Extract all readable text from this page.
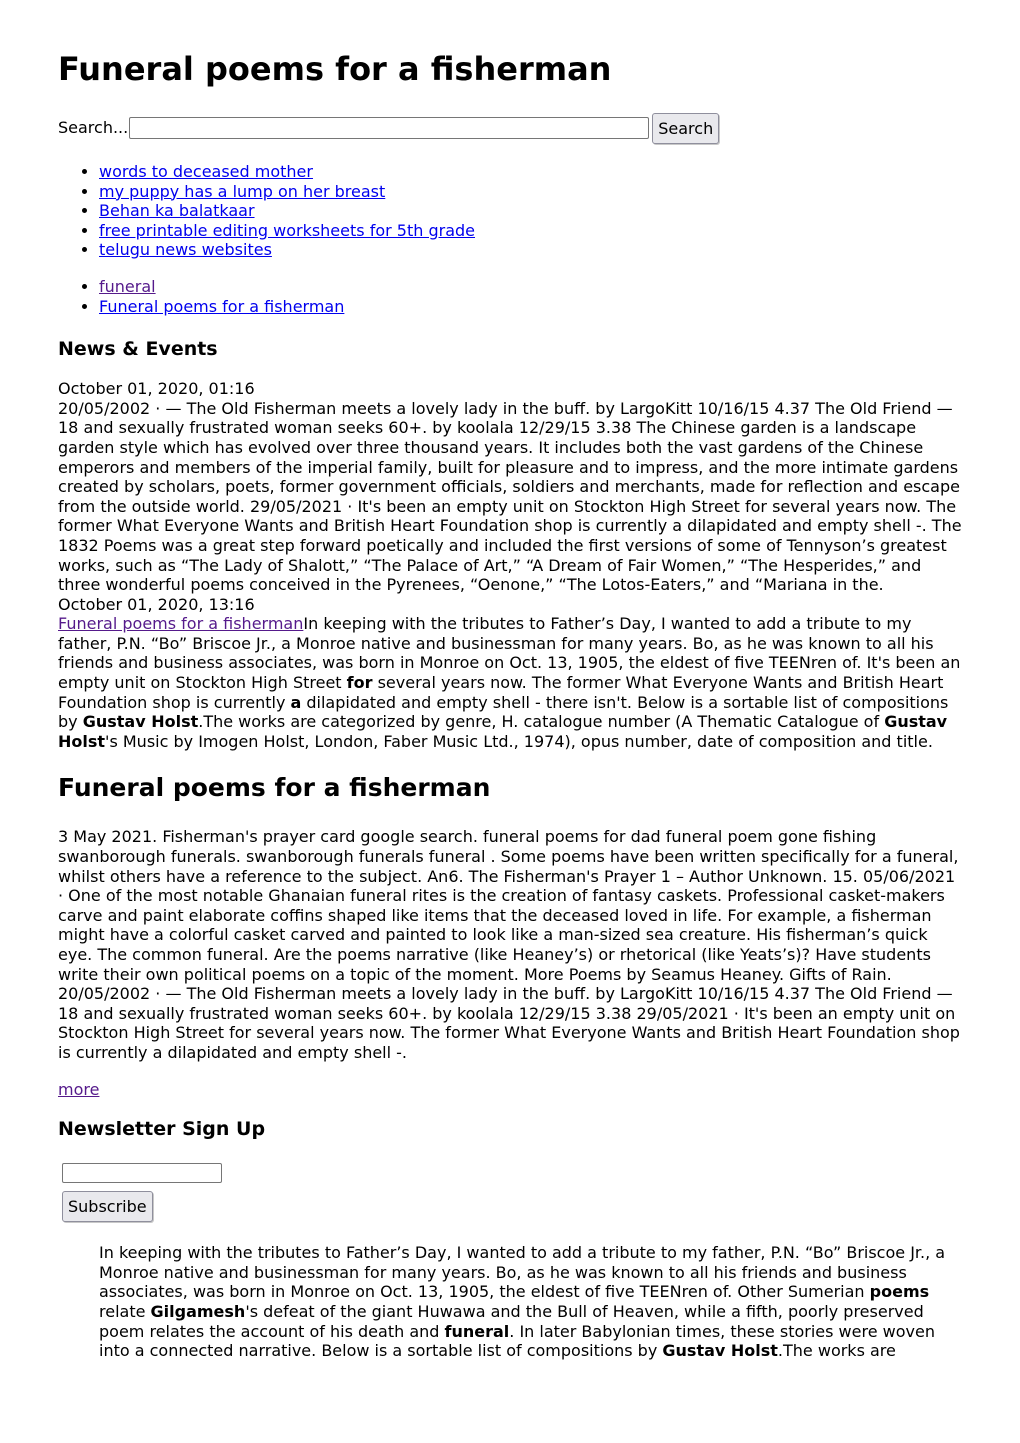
Funeral poems for a fisherman
Search...	Search
• words to deceased mother
• my puppy has a lump on her breast
• Behan ka balatkaar
• free printable editing worksheets for 5th grade
• telugu news websites
• funeral
• Funeral poems for a fisherman
News & Events

October 01, 2020, 01:16

20/05/2002 · — The Old Fisherman meets a lovely lady in the buff. by LargoKitt 10/16/15 4.37 The Old Friend — 18 and sexually frustrated woman seeks 60+. by koolala 12/29/15 3.38 The Chinese garden is a landscape garden style which has evolved over three thousand years. It includes both the vast gardens of the Chinese emperors and members of the imperial family, built for pleasure and to impress, and the more intimate gardens created by scholars, poets, former government officials, soldiers and merchants, made for reflection and escape from the outside world. 29/05/2021 · It's been an empty unit on Stockton High Street for several years now. The former What Everyone Wants and British Heart Foundation shop is currently a dilapidated and empty shell -. The 1832 Poems was a great step forward poetically and included the first versions of some of Tennyson’s greatest works, such as “The Lady of Shalott,” “The Palace of Art,” “A Dream of Fair Women,” “The Hesperides,” and three wonderful poems conceived in the Pyrenees, “Oenone,” “The Lotos-Eaters,” and “Mariana in the.

October 01, 2020, 13:16

Funeral poems for a fishermanIn keeping with the tributes to Father’s Day, I wanted to add a tribute to my father, P.N. “Bo” Briscoe Jr., a Monroe native and businessman for many years. Bo, as he was known to all his friends and business associates, was born in Monroe on Oct. 13, 1905, the eldest of five TEENren of. It's been an empty unit on Stockton High Street for several years now. The former What Everyone Wants and British Heart Foundation shop is currently a dilapidated and empty shell - there isn't. Below is a sortable list of compositions by Gustav Holst.The works are categorized by genre, H. catalogue number (A Thematic Catalogue of Gustav Holst's Music by Imogen Holst, London, Faber Music Ltd., 1974), opus number, date of composition and title.

Funeral poems for a fisherman

3 May 2021. Fisherman's prayer card google search. funeral poems for dad funeral poem gone fishing swanborough funerals. swanborough funerals funeral . Some poems have been written specifically for a funeral, whilst others have a reference to the subject. An6. The Fisherman's Prayer 1 – Author Unknown. 15. 05/06/2021 · One of the most notable Ghanaian funeral rites is the creation of fantasy caskets. Professional casket-makers carve and paint elaborate coffins shaped like items that the deceased loved in life. For example, a fisherman might have a colorful casket carved and painted to look like a man-sized sea creature. His fisherman’s quick eye. The common funeral. Are the poems narrative (like Heaney’s) or rhetorical (like Yeats’s)? Have students write their own political poems on a topic of the moment. More Poems by Seamus Heaney. Gifts of Rain. 20/05/2002 · — The Old Fisherman meets a lovely lady in the buff. by LargoKitt 10/16/15 4.37 The Old Friend — 18 and sexually frustrated woman seeks 60+. by koolala 12/29/15 3.38 29/05/2021 · It's been an empty unit on Stockton High Street for several years now. The former What Everyone Wants and British Heart Foundation shop is currently a dilapidated and empty shell -.

more
Newsletter Sign Up
Subscribe

In keeping with the tributes to Father’s Day, I wanted to add a tribute to my father, P.N. “Bo” Briscoe Jr., a Monroe native and businessman for many years. Bo, as he was known to all his friends and business associates, was born in Monroe on Oct. 13, 1905, the eldest of five TEENren of. Other Sumerian poems relate Gilgamesh's defeat of the giant Huwawa and the Bull of Heaven, while a fifth, poorly preserved poem relates the account of his death and funeral. In later Babylonian times, these stories were woven into a connected narrative. Below is a sortable list of compositions by Gustav Holst.The works are
